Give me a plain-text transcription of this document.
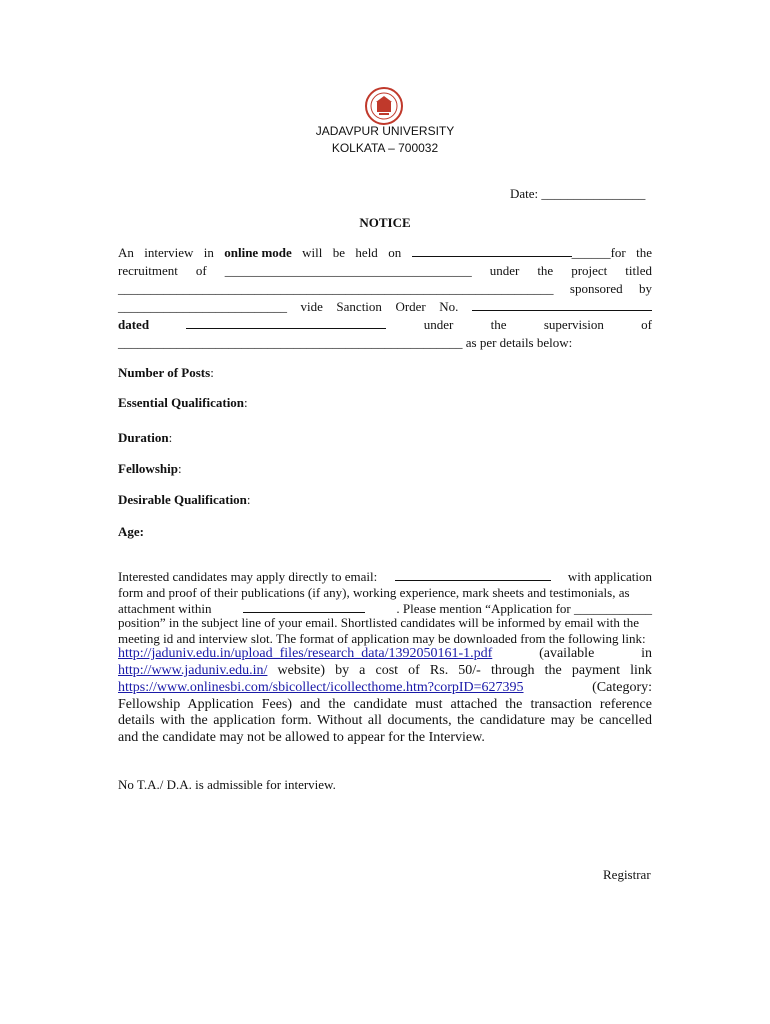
JADAVPUR UNIVERSITY
KOLKATA – 700032
Date: ________________
NOTICE
An interview in online mode will be held on	______for the
recruitment of ______________________________________ under the project titled
___________________________________________________________________ sponsored by
__________________________ vide Sanction Order No.
dated	under	the	supervision	of
_____________________________________________________ as per details below:
Number of Posts:
Essential Qualification:
Duration:
Fellowship:
Desirable Qualification:
Age:
Interested candidates may apply directly to email:	with application
form and proof of their publications (if any), working experience, mark sheets and testimonials, as
attachment within	. Please mention “Application for ____________
position” in the subject line of your email. Shortlisted candidates will be informed by email with the
meeting id and interview slot. The format of application may be downloaded from the following link:
http://jaduniv.edu.in/upload_files/research_data/1392050161-1.pdf	(available	in
http://www.jaduniv.edu.in/ website) by a cost of Rs. 50/- through the payment link
https://www.onlinesbi.com/sbicollect/icollecthome.htm?corpID=627395	(Category:
Fellowship Application Fees) and the candidate must attached the transaction reference
details with the application form. Without all documents, the candidature may be cancelled
and the candidate may not be allowed to appear for the Interview.
No T.A./ D.A. is admissible for interview.
Registrar
